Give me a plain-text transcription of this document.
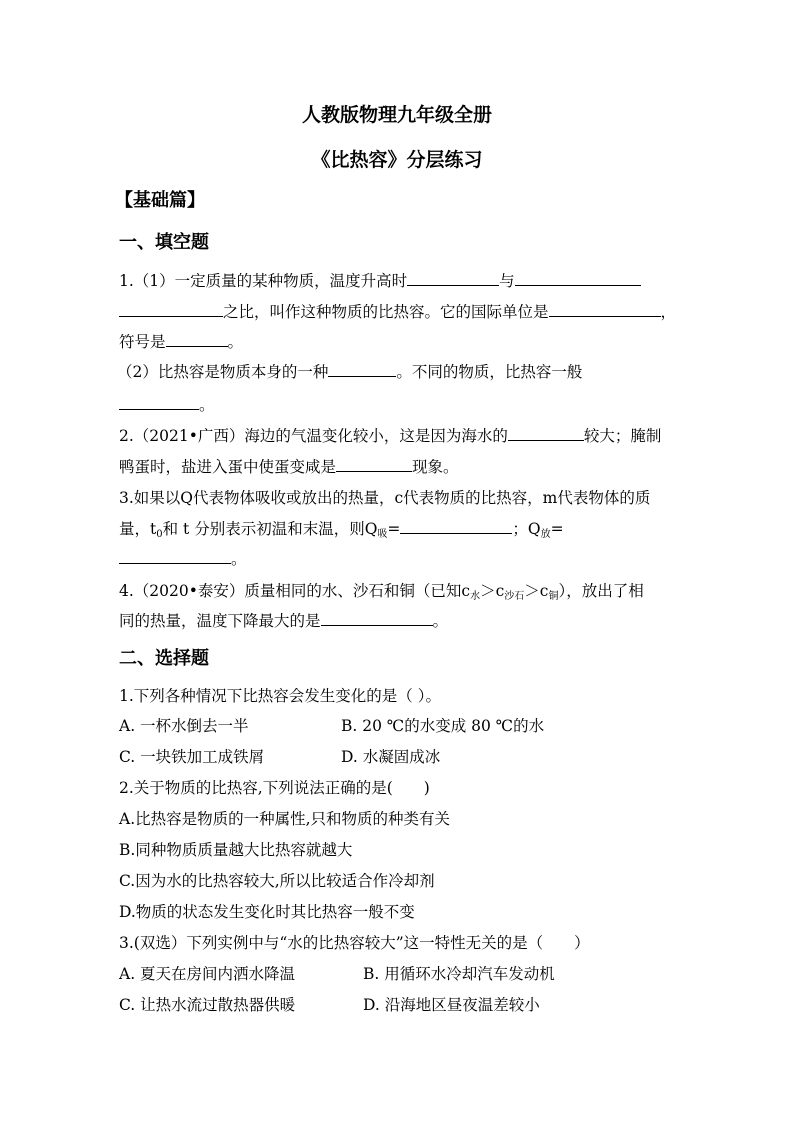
人教版物理九年级全册
《比热容》分层练习
【基础篇】
一、填空题
1.（1）一定质量的某种物质，温度升高时	与
之比，叫作这种物质的比热容。它的国际单位是	，
符号是	。
（2）比热容是物质本身的一种	。不同的物质，比热容一般
。
2.（2021•广西）海边的气温变化较小，这是因为海水的	较大；腌制
鸭蛋时，盐进入蛋中使蛋变咸是	现象。
3.如果以Q代表物体吸收或放出的热量，c代表物质的比热容，m代表物体的质
量，$t_0$和 t 分别表示初温和末温，则$Q_吸=$	；$Q_放=$
。
4.（2020•泰安）质量相同的水、沙石和铜（已知$c_水>c_{沙石}>c_铜$），放出了相
同的热量，温度下降最大的是	。
二、选择题
1.下列各种情况下比热容会发生变化的是（ ）。
A. 一杯水倒去一半	B. 20 ℃的水变成 80 ℃的水
C. 一块铁加工成铁屑	D. 水凝固成冰
2.关于物质的比热容,下列说法正确的是(　　)
A.比热容是物质的一种属性,只和物质的种类有关
B.同种物质质量越大比热容就越大
C.因为水的比热容较大,所以比较适合作冷却剂
D.物质的状态发生变化时其比热容一般不变
3.(双选）下列实例中与“水的比热容较大”这一特性无关的是（　　）
A. 夏天在房间内洒水降温	B. 用循环水冷却汽车发动机
C. 让热水流过散热器供暖	D. 沿海地区昼夜温差较小
